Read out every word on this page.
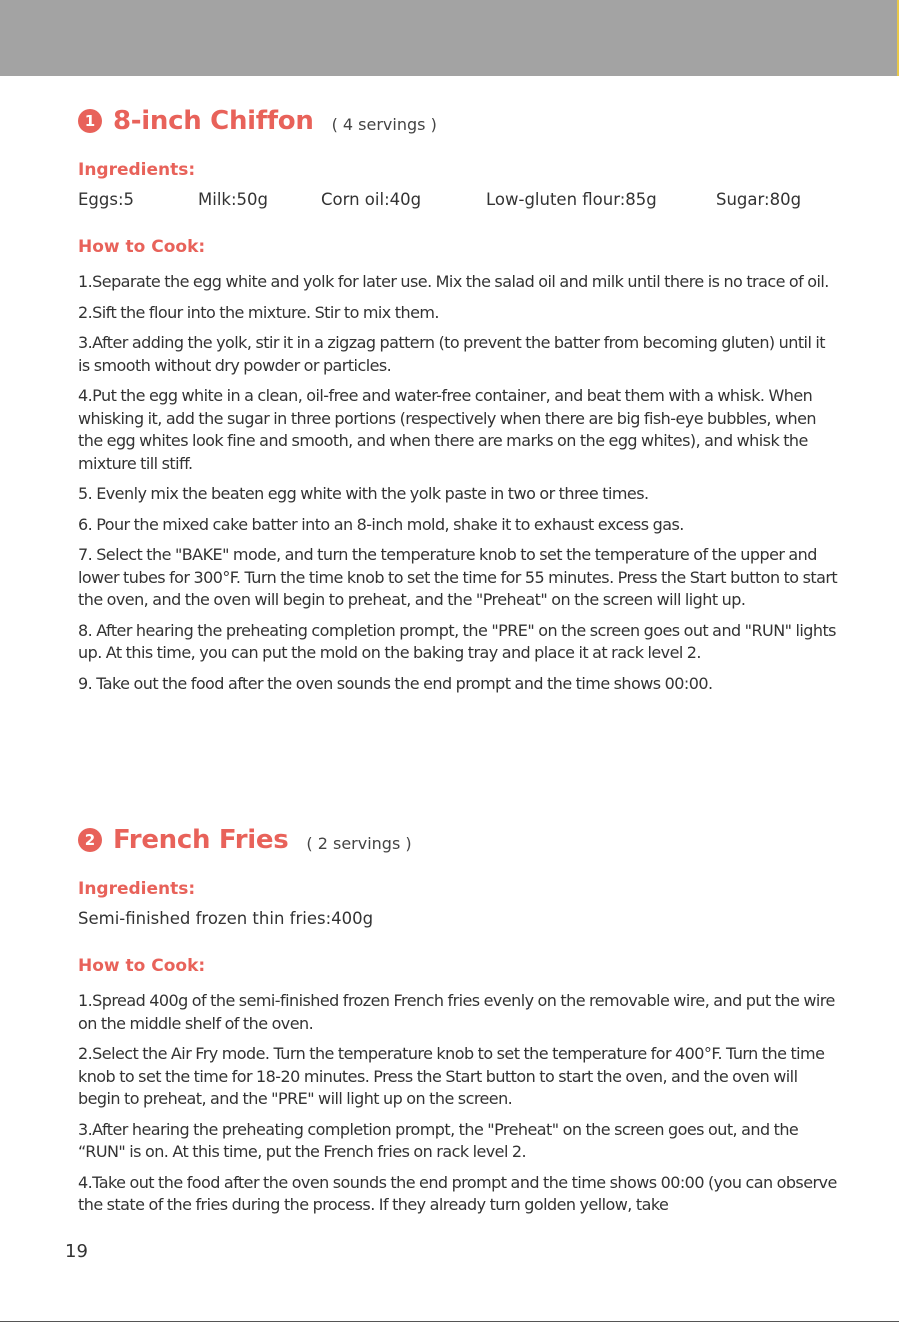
1 8-inch Chiffon ( 4 servings )
Ingredients:
Eggs:5	Milk:50g	Corn oil:40g	Low-gluten flour:85g	Sugar:80g
How to Cook:

1.Separate the egg white and yolk for later use. Mix the salad oil and milk until there is no trace of oil.

2.Sift the flour into the mixture. Stir to mix them.

3.After adding the yolk, stir it in a zigzag pattern (to prevent the batter from becoming gluten) until it is smooth without dry powder or particles.

4.Put the egg white in a clean, oil-free and water-free container, and beat them with a whisk. When whisking it, add the sugar in three portions (respectively when there are big fish-eye bubbles, when the egg whites look fine and smooth, and when there are marks on the egg whites), and whisk the mixture till stiff.

5. Evenly mix the beaten egg white with the yolk paste in two or three times.

6. Pour the mixed cake batter into an 8-inch mold, shake it to exhaust excess gas.

7. Select the "BAKE" mode, and turn the temperature knob to set the temperature of the upper and lower tubes for 300°F. Turn the time knob to set the time for 55 minutes. Press the Start button to start the oven, and the oven will begin to preheat, and the "Preheat" on the screen will light up.

8. After hearing the preheating completion prompt, the "PRE" on the screen goes out and "RUN" lights up. At this time, you can put the mold on the baking tray and place it at rack level 2.

9. Take out the food after the oven sounds the end prompt and the time shows 00:00.

2 French Fries ( 2 servings )
Ingredients:
Semi-finished frozen thin fries:400g
How to Cook:

1.Spread 400g of the semi-finished frozen French fries evenly on the removable wire, and put the wire on the middle shelf of the oven.

2.Select the Air Fry mode. Turn the temperature knob to set the temperature for 400°F. Turn the time knob to set the time for 18-20 minutes. Press the Start button to start the oven, and the oven will begin to preheat, and the "PRE" will light up on the screen.

3.After hearing the preheating completion prompt, the "Preheat" on the screen goes out, and the “RUN" is on. At this time, put the French fries on rack level 2.

4.Take out the food after the oven sounds the end prompt and the time shows 00:00 (you can observe the state of the fries during the process. If they already turn golden yellow, take

19
